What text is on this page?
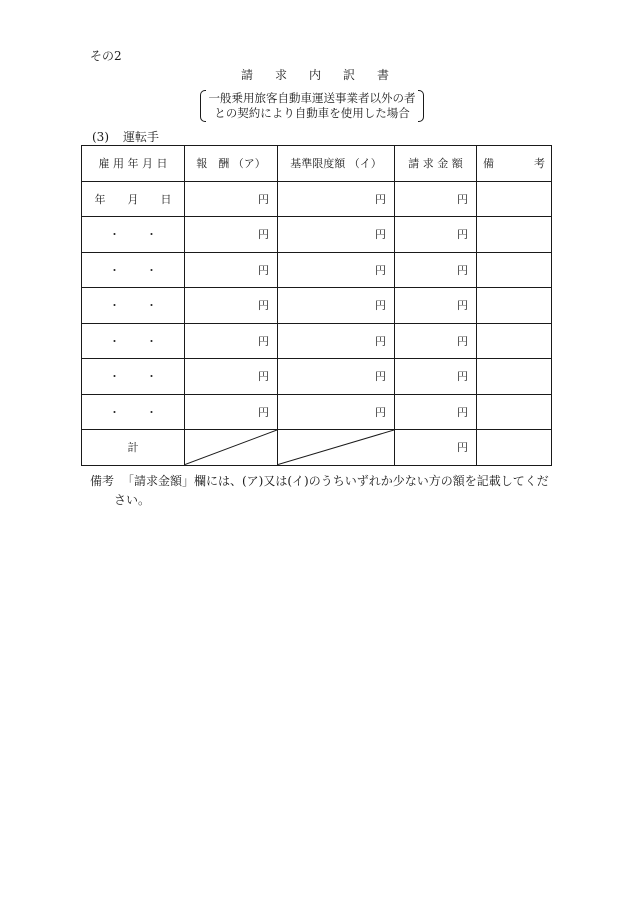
その2
請 求 内 訳 書
一般乗用旅客自動車運送事業者以外の者
との契約により自動車を使用した場合
(3) 運転手
雇 用 年 月 日	報　酬 （ア）	基準限度額 （イ）	請 求 金 額	備 考

年 月 日	円	円	円	
・ ・	円	円	円	
・ ・	円	円	円	
・ ・	円	円	円	
・ ・	円	円	円	
・ ・	円	円	円	
・ ・	円	円	円	
計			円	
備考 「請求金額」欄には、(ア)又は(イ)のうちいずれか少ない方の額を記載してくだ
さい。
